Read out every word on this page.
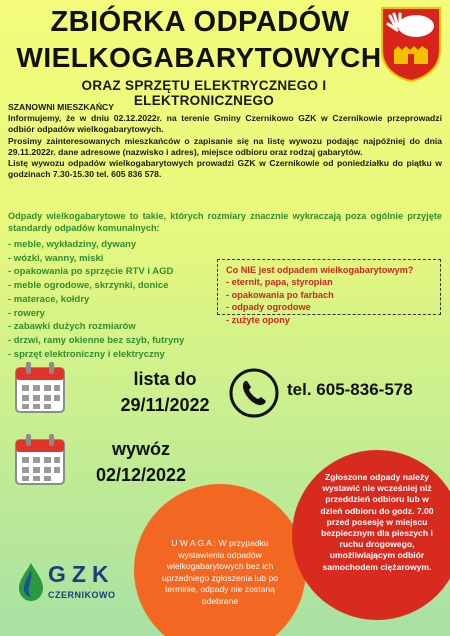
ZBIÓRKA ODPADÓW
WIELKOGABARYTOWYCH
ORAZ SPRZĘTU ELEKTRYCZNEGO I ELEKTRONICZNEGO
SZANOWNI MIESZKAŃCY
Informujemy, że w dniu 02.12.2022r. na terenie Gminy Czernikowo GZK w Czernikowie przeprowadzi odbiór odpadów wielkogabarytowych.
Prosimy zainteresowanych mieszkańców o zapisanie się na listę wywozu podając najpóźniej do dnia 29.11.2022r. dane adresowe (nazwisko i adres), miejsce odbioru oraz rodzaj gabarytów.
Listę wywozu odpadów wielkogabarytowych prowadzi GZK w Czernikowie od poniedziałku do piątku w godzinach 7.30-15.30 tel. 605 836 578.
Odpady wielkogabarytowe to takie, których rozmiary znacznie wykraczają poza ogólnie przyjęte standardy odpadów komunalnych:
- meble, wykładziny, dywany
- wózki, wanny, miski
- opakowania po sprzęcie RTV i AGD
- meble ogrodowe, skrzynki, donice
- materace, kołdry
- rowery
- zabawki dużych rozmiarów
- drzwi, ramy okienne bez szyb, futryny
- sprzęt elektroniczny i elektryczny
Co NIE jest odpadem wielkogabarytowym?
- eternit, papa, styropian
- opakowania po farbach
- odpady ogrodowe
- zużyte opony
lista do
29/11/2022
tel. 605-836-578
wywóz
02/12/2022
U W A G A : W przypadku wystawienia odpadów wielkogabarytowych bez ich uprzedniego zgłoszenia lub po terminie, odpady nie zostaną odebrane
Zgłoszone odpady należy wystawić nie wcześniej niż przeddzień odbioru lub w dzień odbioru do godz. 7.00 przed posesję w miejscu bezpiecznym dla pieszych i ruchu drogowego, umożliwiającym odbiór samochodem ciężarowym.
GZK
CZERNIKOWO
